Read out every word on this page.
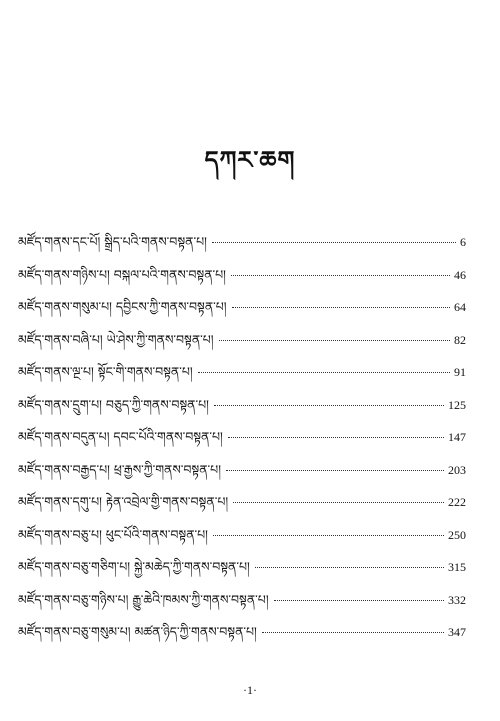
དཀར་ཆག
མཛོད་གནས་དང་པོ། སྒྲིད་པའི་གནས་བསྟན་པ།	6
མཛོད་གནས་གཉིས་པ། བསྐལ་པའི་གནས་བསྟན་པ།	46
མཛོད་གནས་གསུམ་པ། དབྱིངས་ཀྱི་གནས་བསྟན་པ།	64
མཛོད་གནས་བཞི་པ། ཡེ་ཤེས་ཀྱི་གནས་བསྟན་པ།	82
མཛོད་གནས་ལྔ་པ། སྟོང་གི་གནས་བསྟན་པ།	91
མཛོད་གནས་དྲུག་པ། བཅུད་ཀྱི་གནས་བསྟན་པ།	125
མཛོད་གནས་བདུན་པ། དབང་པོའི་གནས་བསྟན་པ།	147
མཛོད་གནས་བརྒྱད་པ། ཕྲ་རྒྱས་ཀྱི་གནས་བསྟན་པ།	203
མཛོད་གནས་དགུ་པ། རྟེན་འབྲེལ་གྱི་གནས་བསྟན་པ།	222
མཛོད་གནས་བཅུ་པ། ཕུང་པོའི་གནས་བསྟན་པ།	250
མཛོད་གནས་བཅུ་གཅིག་པ། སྐྱེ་མཆེད་ཀྱི་གནས་བསྟན་པ།	315
མཛོད་གནས་བཅུ་གཉིས་པ། རྒྱུ་ཆེའི་ཁམས་ཀྱི་གནས་བསྟན་པ།	332
མཛོད་གནས་བཅུ་གསུམ་པ། མཚན་ཉིད་ཀྱི་གནས་བསྟན་པ།	347
·1·
